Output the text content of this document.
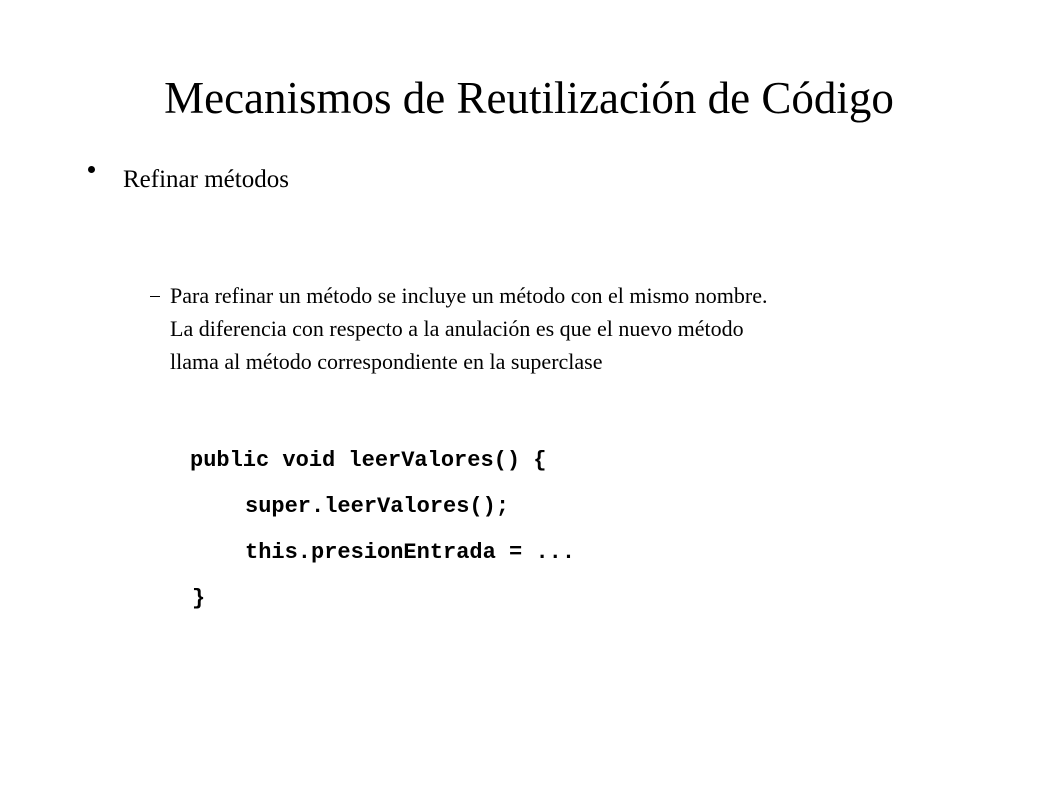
Mecanismos de Reutilización de Código
Refinar métodos
Para refinar un método se incluye un método con el mismo nombre.
La diferencia con respecto a la anulación es que el nuevo método
llama al método correspondiente en la superclase
public void leerValores() {
super.leerValores();
this.presionEntrada = ...
}
